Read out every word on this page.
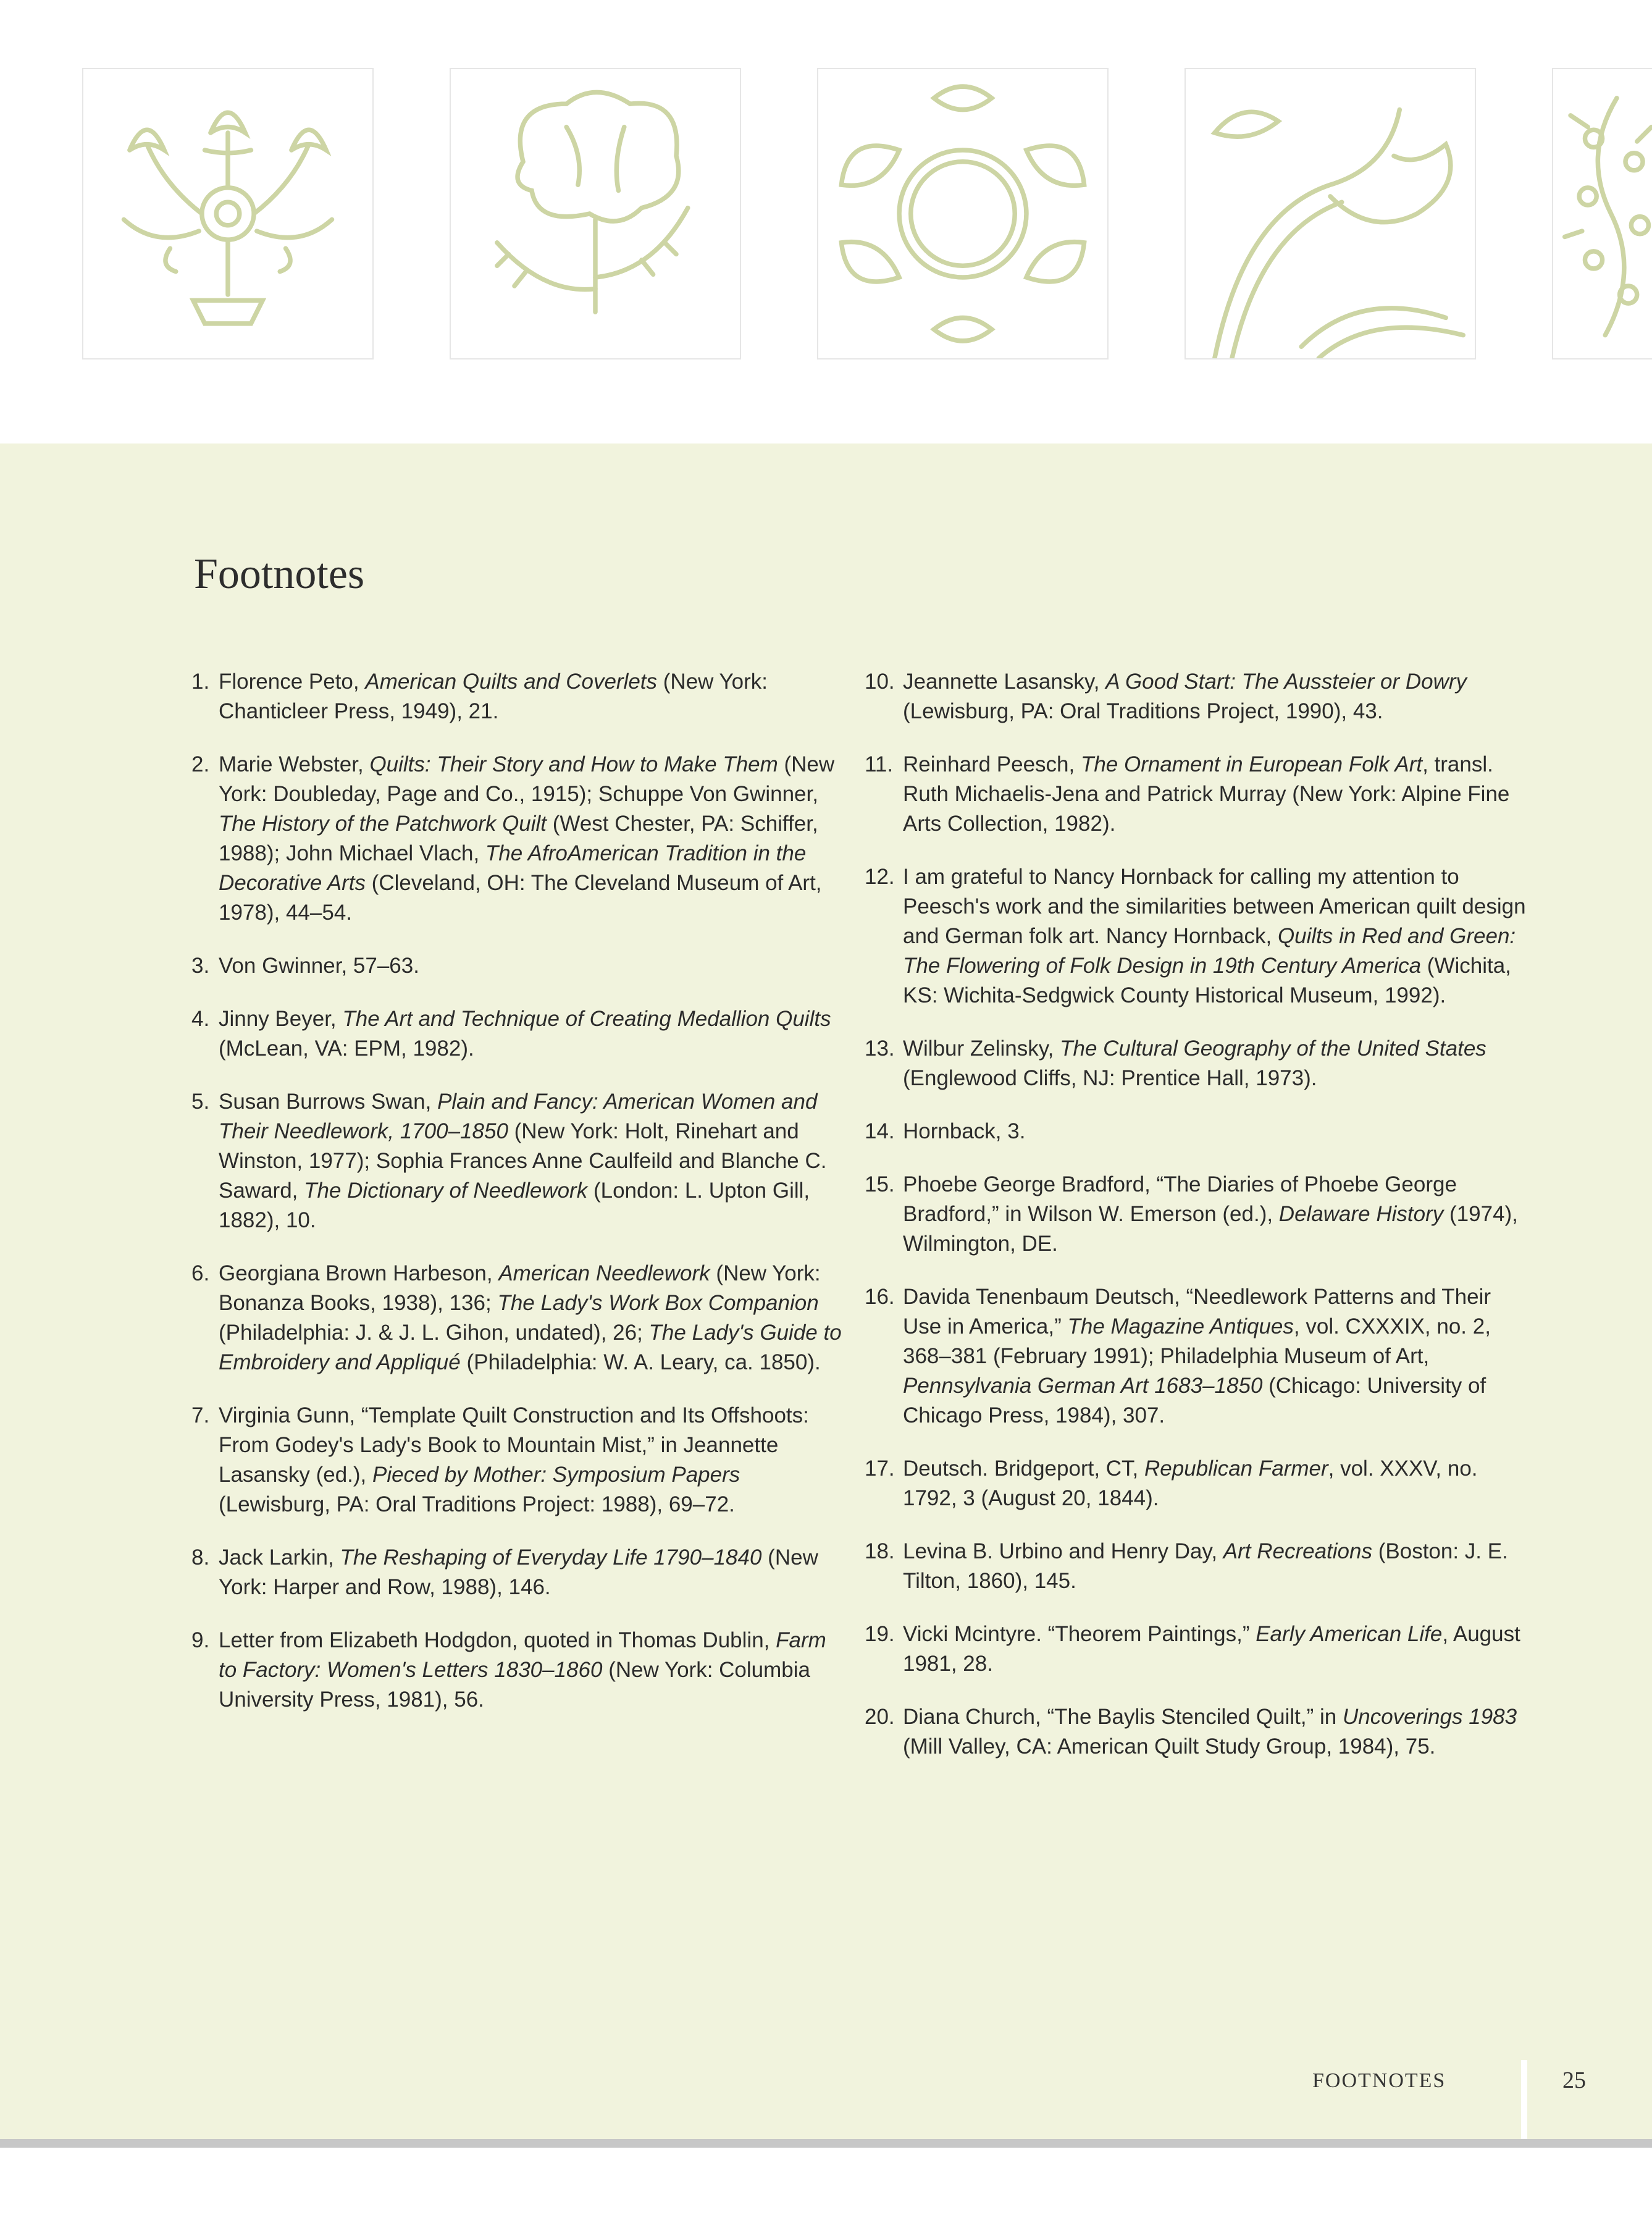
Footnotes
1. Florence Peto, American Quilts and Coverlets (New York: Chanticleer Press, 1949), 21.
2. Marie Webster, Quilts: Their Story and How to Make Them (New York: Doubleday, Page and Co., 1915); Schuppe Von Gwinner, The History of the Patchwork Quilt (West Chester, PA: Schiffer, 1988); John Michael Vlach, The AfroAmerican Tradition in the Decorative Arts (Cleveland, OH: The Cleveland Museum of Art, 1978), 44–54.
3. Von Gwinner, 57–63.
4. Jinny Beyer, The Art and Technique of Creating Medallion Quilts (McLean, VA: EPM, 1982).
5. Susan Burrows Swan, Plain and Fancy: American Women and Their Needlework, 1700–1850 (New York: Holt, Rinehart and Winston, 1977); Sophia Frances Anne Caulfeild and Blanche C. Saward, The Dictionary of Needlework (London: L. Upton Gill, 1882), 10.
6. Georgiana Brown Harbeson, American Needlework (New York: Bonanza Books, 1938), 136; The Lady's Work Box Companion (Philadelphia: J. & J. L. Gihon, undated), 26; The Lady's Guide to Embroidery and Appliqué (Philadelphia: W. A. Leary, ca. 1850).
7. Virginia Gunn, “Template Quilt Construction and Its Offshoots: From Godey's Lady's Book to Mountain Mist,” in Jeannette Lasansky (ed.), Pieced by Mother: Symposium Papers (Lewisburg, PA: Oral Traditions Project: 1988), 69–72.
8. Jack Larkin, The Reshaping of Everyday Life 1790–1840 (New York: Harper and Row, 1988), 146.
9. Letter from Elizabeth Hodgdon, quoted in Thomas Dublin, Farm to Factory: Women's Letters 1830–1860 (New York: Columbia University Press, 1981), 56.
10. Jeannette Lasansky, A Good Start: The Aussteier or Dowry (Lewisburg, PA: Oral Traditions Project, 1990), 43.
11. Reinhard Peesch, The Ornament in European Folk Art, transl. Ruth Michaelis-Jena and Patrick Murray (New York: Alpine Fine Arts Collection, 1982).
12. I am grateful to Nancy Hornback for calling my attention to Peesch's work and the similarities between American quilt design and German folk art. Nancy Hornback, Quilts in Red and Green: The Flowering of Folk Design in 19th Century America (Wichita, KS: Wichita-Sedgwick County Historical Museum, 1992).
13. Wilbur Zelinsky, The Cultural Geography of the United States (Englewood Cliffs, NJ: Prentice Hall, 1973).
14. Hornback, 3.
15. Phoebe George Bradford, “The Diaries of Phoebe George Bradford,” in Wilson W. Emerson (ed.), Delaware History (1974), Wilmington, DE.
16. Davida Tenenbaum Deutsch, “Needlework Patterns and Their Use in America,” The Magazine Antiques, vol. CXXXIX, no. 2, 368–381 (February 1991); Philadelphia Museum of Art, Pennsylvania German Art 1683–1850 (Chicago: University of Chicago Press, 1984), 307.
17. Deutsch. Bridgeport, CT, Republican Farmer, vol. XXXV, no. 1792, 3 (August 20, 1844).
18. Levina B. Urbino and Henry Day, Art Recreations (Boston: J. E. Tilton, 1860), 145.
19. Vicki Mcintyre. “Theorem Paintings,” Early American Life, August 1981, 28.
20. Diana Church, “The Baylis Stenciled Quilt,” in Uncoverings 1983 (Mill Valley, CA: American Quilt Study Group, 1984), 75.
FOOTNOTES	25
